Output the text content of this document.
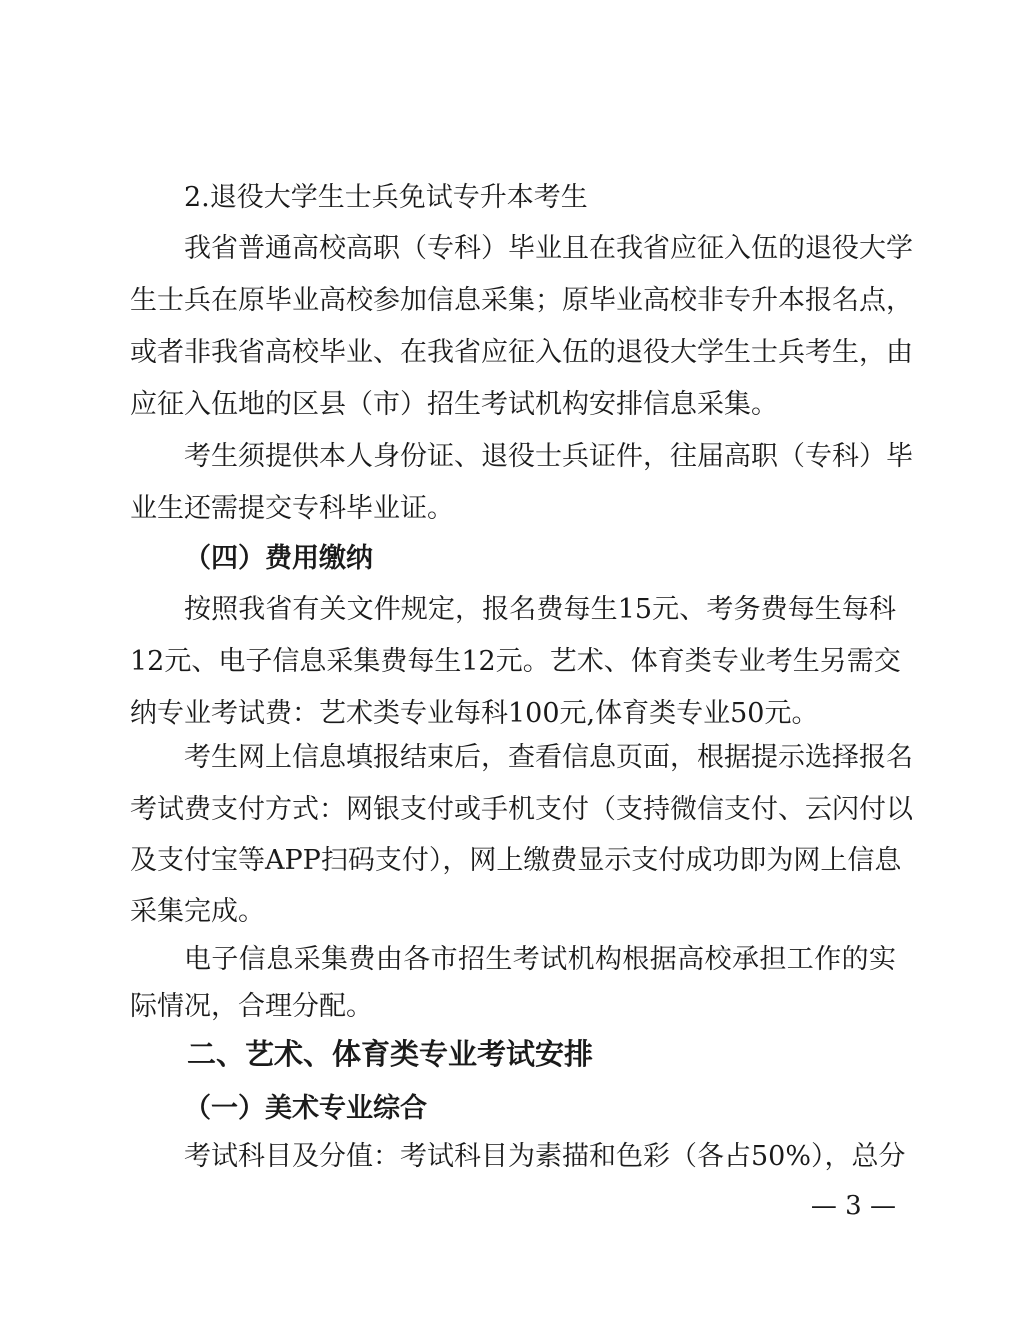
2.退役大学生士兵免试专升本考生
我省普通高校高职（专科）毕业且在我省应征入伍的退役大学
生士兵在原毕业高校参加信息采集；原毕业高校非专升本报名点，
或者非我省高校毕业、在我省应征入伍的退役大学生士兵考生，由
应征入伍地的区县（市）招生考试机构安排信息采集。
考生须提供本人身份证、退役士兵证件，往届高职（专科）毕
业生还需提交专科毕业证。
（四）费用缴纳
按照我省有关文件规定，报名费每生15元、考务费每生每科
12元、电子信息采集费每生12元。艺术、体育类专业考生另需交
纳专业考试费：艺术类专业每科100元,体育类专业50元。
考生网上信息填报结束后，查看信息页面，根据提示选择报名
考试费支付方式：网银支付或手机支付（支持微信支付、云闪付以
及支付宝等APP扫码支付），网上缴费显示支付成功即为网上信息
采集完成。
电子信息采集费由各市招生考试机构根据高校承担工作的实
际情况，合理分配。
二、艺术、体育类专业考试安排
（一）美术专业综合
考试科目及分值：考试科目为素描和色彩（各占50%），总分
— 3 —
